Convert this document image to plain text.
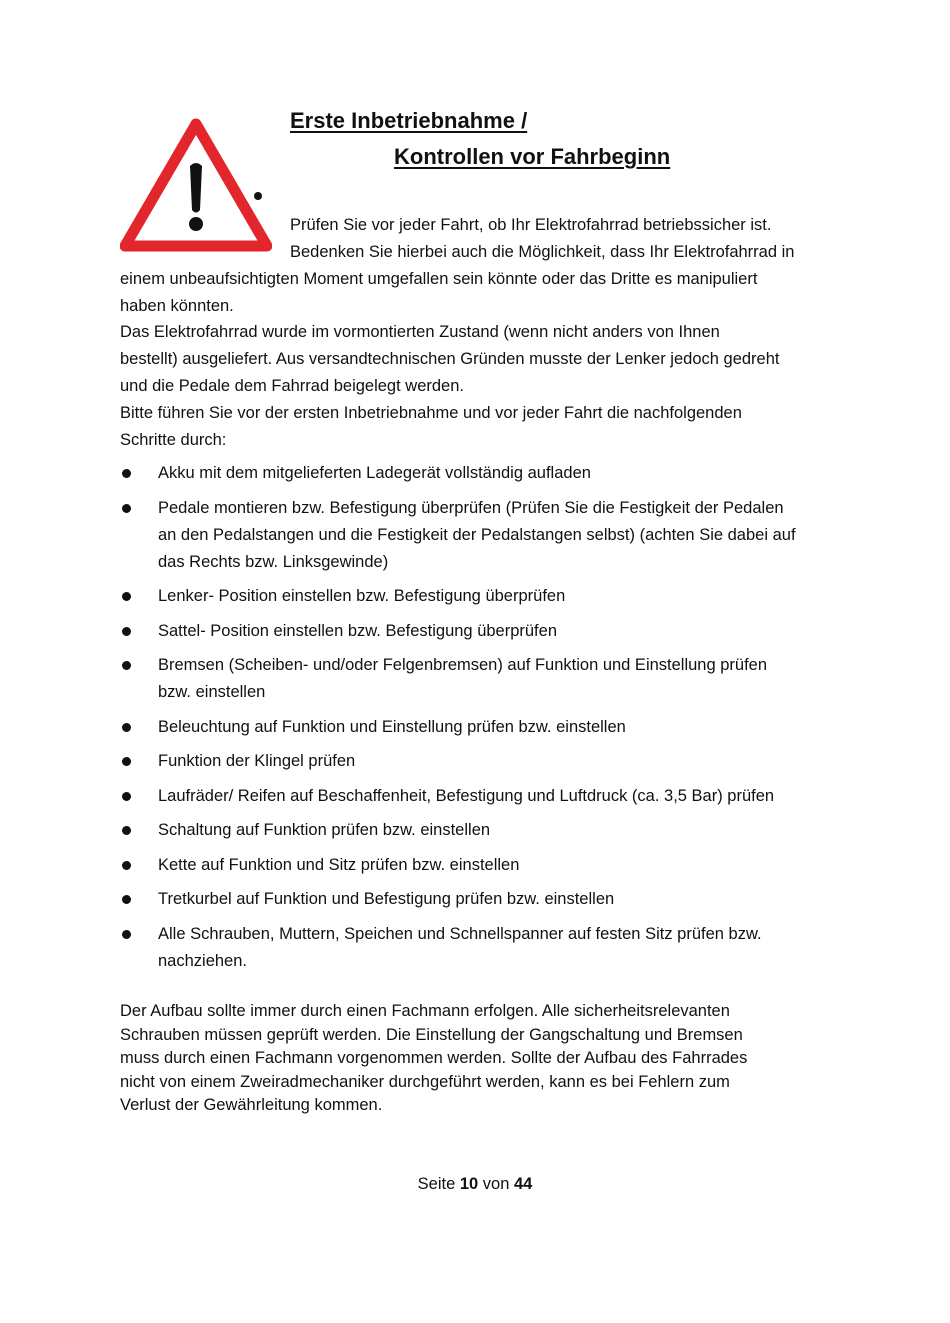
Erste Inbetriebnahme /
Kontrollen vor Fahrbeginn
Prüfen Sie vor jeder Fahrt, ob Ihr Elektrofahrrad betriebssicher ist.
Bedenken Sie hierbei auch die Möglichkeit, dass Ihr Elektrofahrrad in
einem unbeaufsichtigten Moment umgefallen sein könnte oder das Dritte es manipuliert
haben könnten.
Das Elektrofahrrad wurde im vormontierten Zustand (wenn nicht anders von Ihnen
bestellt) ausgeliefert. Aus versandtechnischen Gründen musste der Lenker jedoch gedreht
und die Pedale dem Fahrrad beigelegt werden.
Bitte führen Sie vor der ersten Inbetriebnahme und vor jeder Fahrt die nachfolgenden
Schritte durch:
Akku mit dem mitgelieferten Ladegerät vollständig aufladen
Pedale montieren bzw. Befestigung überprüfen (Prüfen Sie die Festigkeit der Pedalen
an den Pedalstangen und die Festigkeit der Pedalstangen selbst) (achten Sie dabei auf
das Rechts bzw. Linksgewinde)
Lenker- Position einstellen bzw. Befestigung überprüfen
Sattel- Position einstellen bzw. Befestigung überprüfen
Bremsen (Scheiben- und/oder Felgenbremsen) auf Funktion und Einstellung prüfen
bzw. einstellen
Beleuchtung auf Funktion und Einstellung prüfen bzw. einstellen
Funktion der Klingel prüfen
Laufräder/ Reifen auf Beschaffenheit, Befestigung und Luftdruck (ca. 3,5 Bar) prüfen
Schaltung auf Funktion prüfen bzw. einstellen
Kette auf Funktion und Sitz prüfen bzw. einstellen
Tretkurbel auf Funktion und Befestigung prüfen bzw. einstellen
Alle Schrauben, Muttern, Speichen und Schnellspanner auf festen Sitz prüfen bzw.
nachziehen.
Der Aufbau sollte immer durch einen Fachmann erfolgen. Alle sicherheitsrelevanten
Schrauben müssen geprüft werden. Die Einstellung der Gangschaltung und Bremsen
muss durch einen Fachmann vorgenommen werden. Sollte der Aufbau des Fahrrades
nicht von einem Zweiradmechaniker durchgeführt werden, kann es bei Fehlern zum
Verlust der Gewährleitung kommen.
Seite 10 von 44
